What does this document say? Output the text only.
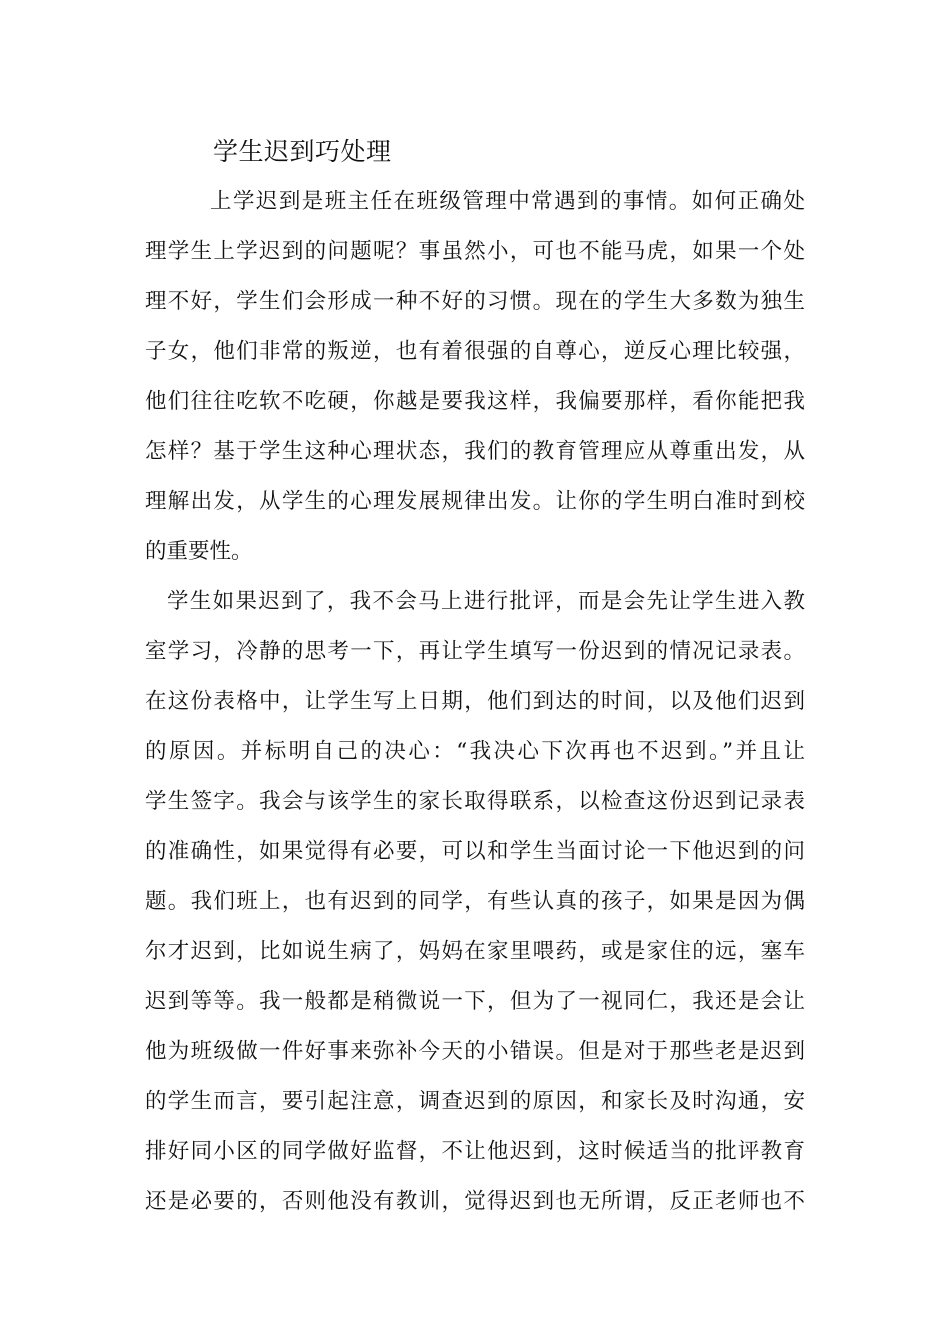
学生迟到巧处理

上学迟到是班主任在班级管理中常遇到的事情。如何正确处

理学生上学迟到的问题呢？事虽然小，可也不能马虎，如果一个处

理不好，学生们会形成一种不好的习惯。现在的学生大多数为独生

子女，他们非常的叛逆，也有着很强的自尊心，逆反心理比较强，

他们往往吃软不吃硬，你越是要我这样，我偏要那样，看你能把我

怎样？基于学生这种心理状态，我们的教育管理应从尊重出发，从

理解出发，从学生的心理发展规律出发。让你的学生明白准时到校

的重要性。

学生如果迟到了，我不会马上进行批评，而是会先让学生进入教

室学习，冷静的思考一下，再让学生填写一份迟到的情况记录表。

在这份表格中，让学生写上日期，他们到达的时间，以及他们迟到

的原因。并标明自己的决心：“我决心下次再也不迟到。”并且让

学生签字。我会与该学生的家长取得联系，以检查这份迟到记录表

的准确性，如果觉得有必要，可以和学生当面讨论一下他迟到的问

题。我们班上，也有迟到的同学，有些认真的孩子，如果是因为偶

尔才迟到，比如说生病了，妈妈在家里喂药，或是家住的远，塞车

迟到等等。我一般都是稍微说一下，但为了一视同仁，我还是会让

他为班级做一件好事来弥补今天的小错误。但是对于那些老是迟到

的学生而言，要引起注意，调查迟到的原因，和家长及时沟通，安

排好同小区的同学做好监督，不让他迟到，这时候适当的批评教育

还是必要的，否则他没有教训，觉得迟到也无所谓，反正老师也不
